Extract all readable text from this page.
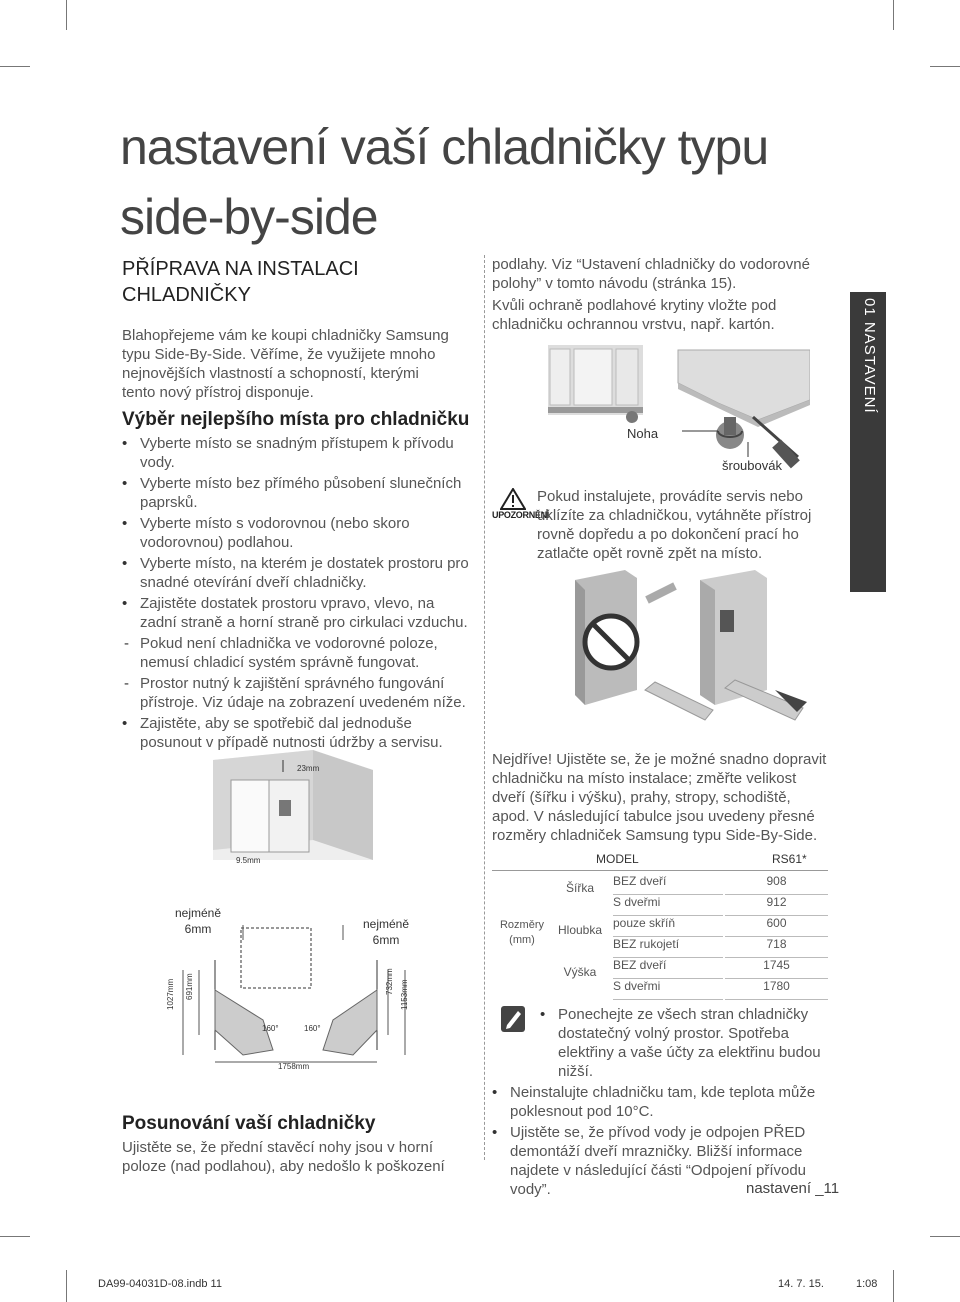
nastavení vaší chladničky typu side-by-side
PŘÍPRAVA NA INSTALACI CHLADNIČKY
Blahopřejeme vám ke koupi chladničky Samsung typu Side-By-Side. Věříme, že využijete mnoho nejnovějších vlastností a schopností, kterými tento nový přístroj disponuje.
Výběr nejlepšího místa pro chladničku
• Vyberte místo se snadným přístupem k přívodu vody.
• Vyberte místo bez přímého působení slunečních paprsků.
• Vyberte místo s vodorovnou (nebo skoro vodorovnou) podlahou.
• Vyberte místo, na kterém je dostatek prostoru pro snadné otevírání dveří chladničky.
• Zajistěte dostatek prostoru vpravo, vlevo, na zadní straně a horní straně pro cirkulaci vzduchu.
- Pokud není chladnička ve vodorovné poloze, nemusí chladicí systém správně fungovat.
- Prostor nutný k zajištění správného fungování přístroje. Viz údaje na zobrazení uvedeném níže.
• Zajistěte, aby se spotřebič dal jednoduše posunout v případě nutnosti údržby a servisu.
podlahy. Viz “Ustavení chladničky do vodorovné polohy” v tomto návodu (stránka 15).
Kvůli ochraně podlahové krytiny vložte pod chladničku ochrannou vrstvu, např. kartón.
Noha
šroubovák
UPOZORNĚNÍ
Pokud instalujete, provádíte servis nebo uklízíte za chladničkou, vytáhněte přístroj rovně dopředu a po dokončení prací ho zatlačte opět rovně zpět na místo.
23mm
9.5mm
nejméně 6mm	nejméně 6mm
1027mm 691mm	732mm 1153mm
160°	160°
1758mm
Posunování vaší chladničky
Ujistěte se, že přední stavěcí nohy jsou v horní poloze (nad podlahou), aby nedošlo k poškození
Nejdříve! Ujistěte se, že je možné snadno dopravit chladničku na místo instalace; změřte velikost dveří (šířku i výšku), prahy, stropy, schodiště, apod. V následující tabulce jsou uvedeny přesné rozměry chladniček Samsung typu Side-By-Side.
MODEL	RS61*
Rozměry (mm)
Šířka	BEZ dveří	908
S dveřmi	912
Hloubka pouze skříň	600
BEZ rukojetí	718
Výška	BEZ dveří	1745
S dveřmi	1780
• Ponechejte ze všech stran chladničky dostatečný volný prostor. Spotřeba elektřiny a vaše účty za elektřinu budou nižší.
• Neinstalujte chladničku tam, kde teplota může poklesnout pod 10°C.
• Ujistěte se, že přívod vody je odpojen PŘED demontáží dveří mrazničky. Bližší informace najdete v následující části “Odpojení přívodu vody”.	nastavení _11
01 NASTAVENÍ
DA99-04031D-08.indb 11	14. 7. 15.	1:08
